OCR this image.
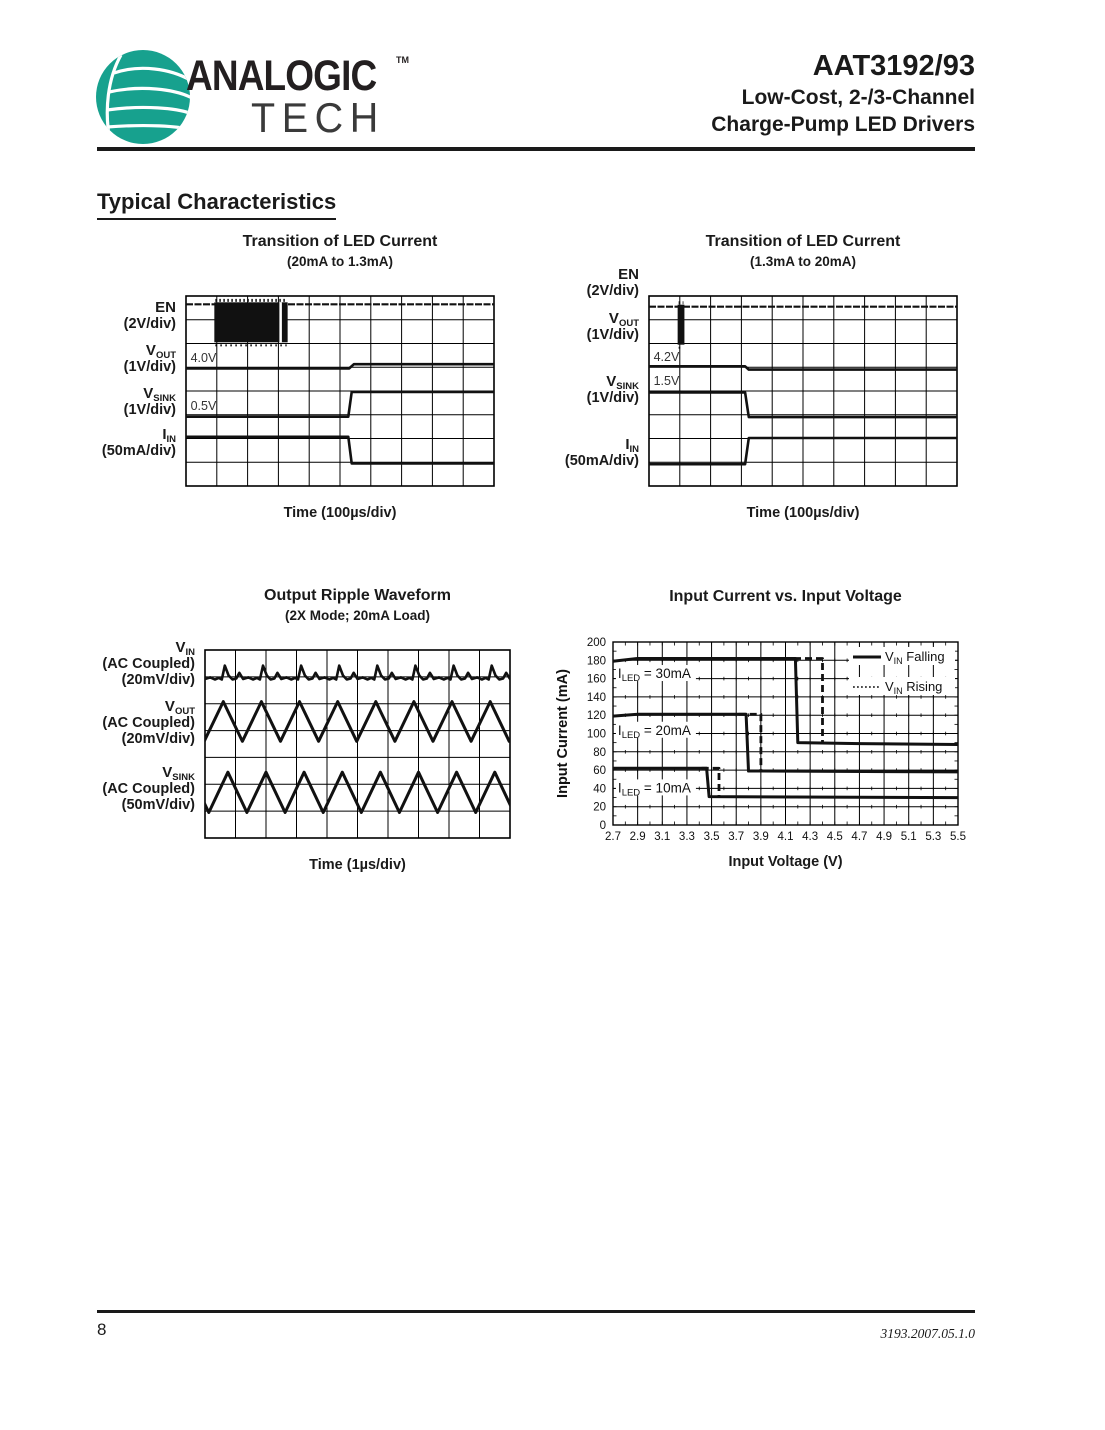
ANALOGIC TM
TECH
AAT3192/93
Low-Cost, 2-/3-Channel
Charge-Pump LED Drivers
Typical Characteristics
Transition of LED Current
(20mA to 1.3mA)
Time (100µs/div)
Transition of LED Current
(1.3mA to 20mA)
Time (100µs/div)
Output Ripple Waveform
(2X Mode; 20mA Load)
Time (1µs/div)
Input Current vs. Input Voltage
Input Voltage (V)
8	3193.2007.05.1.0
4.0V
0.5V
EN
(2V/div)
$V_{OUT}$
(1V/div)
$V_{SINK}$
(1V/div)
$I_{IN}$
(50mA/div)
4.2V
1.5V
EN
(2V/div)
$V_{OUT}$
(1V/div)
$V_{SINK}$
(1V/div)
$I_{IN}$
(50mA/div)
$V_{IN}$
(AC Coupled)
(20mV/div)
$V_{OUT}$
(AC Coupled)
(20mV/div)
$V_{SINK}$
(AC Coupled)
(50mV/div)
$I_{LED} = 30mA$
$I_{LED} = 20mA$
$I_{LED} = 10mA$
$V_{IN}$ Falling
$V_{IN}$ Rising
2.7 2.9 3.1 3.3 3.5 3.7 3.9 4.1 4.3 4.5 4.7 4.9 5.1 5.3 5.5
0
20
40
60
80
100
120
140
160
180
200
Input Current (mA)
